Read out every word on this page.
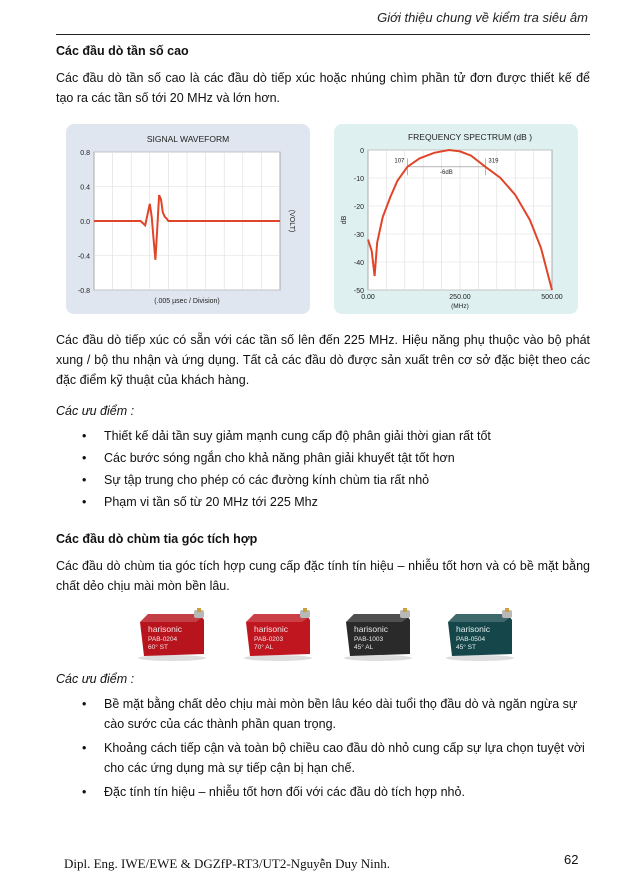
Giới thiệu chung về kiểm tra siêu âm
Các đầu dò tần số cao
Các đầu dò tần số cao là các đầu dò tiếp xúc hoặc nhúng chìm phần tử đơn được thiết kế để tạo ra các tần số tới 20 MHz và lớn hơn.
SIGNAL WAVEFORM
0.8
0.4
0.0
-0.4
-0.8
(.005 µsec / Division)
(VOLT)
FREQUENCY SPECTRUM (dB )
0
-10
-20
-30
-40
-50
0.00	250.00	500.00
(MHz)
dB
107
-6dB
319
Các đầu dò tiếp xúc có sẵn với các tần số lên đến 225 MHz. Hiệu năng phụ thuộc vào bộ phát xung / bộ thu nhận và ứng dụng. Tất cả các đầu dò được sản xuất trên cơ sở đặc biệt theo các đặc điểm kỹ thuật của khách hàng.
Các ưu điểm :
• Thiết kế dải tần suy giảm mạnh cung cấp độ phân giải thời gian rất tốt
• Các bước sóng ngắn cho khả năng phân giải khuyết tật tốt hơn
• Sự tập trung cho phép có các đường kính chùm tia rất nhỏ
• Phạm vi tần số từ 20 MHz tới 225 Mhz
Các đầu dò chùm tia góc tích hợp
Các đầu dò chùm tia góc tích hợp cung cấp đặc tính tín hiệu – nhiễu tốt hơn và có bề mặt bằng chất dẻo chịu mài mòn bền lâu.
harisonic
PAB-0204
60° ST
harisonic
PAB-0203
70° AL
harisonic
PAB-1003
45° AL
harisonic
PAB-0504
45° ST
Các ưu điểm :
• Bề mặt bằng chất dẻo chịu mài mòn bền lâu kéo dài tuổi thọ đầu dò và ngăn ngừa sự cào sước của các thành phần quan trọng.
• Khoảng cách tiếp cận và toàn bộ chiều cao đầu dò nhỏ cung cấp sự lựa chọn tuyệt vời cho các ứng dụng mà sự tiếp cận bị hạn chế.
• Đặc tính tín hiệu – nhiễu tốt hơn đối với các đầu dò tích hợp nhỏ.
Dipl. Eng. IWE/EWE & DGZfP-RT3/UT2-Nguyễn Duy Ninh.	62
